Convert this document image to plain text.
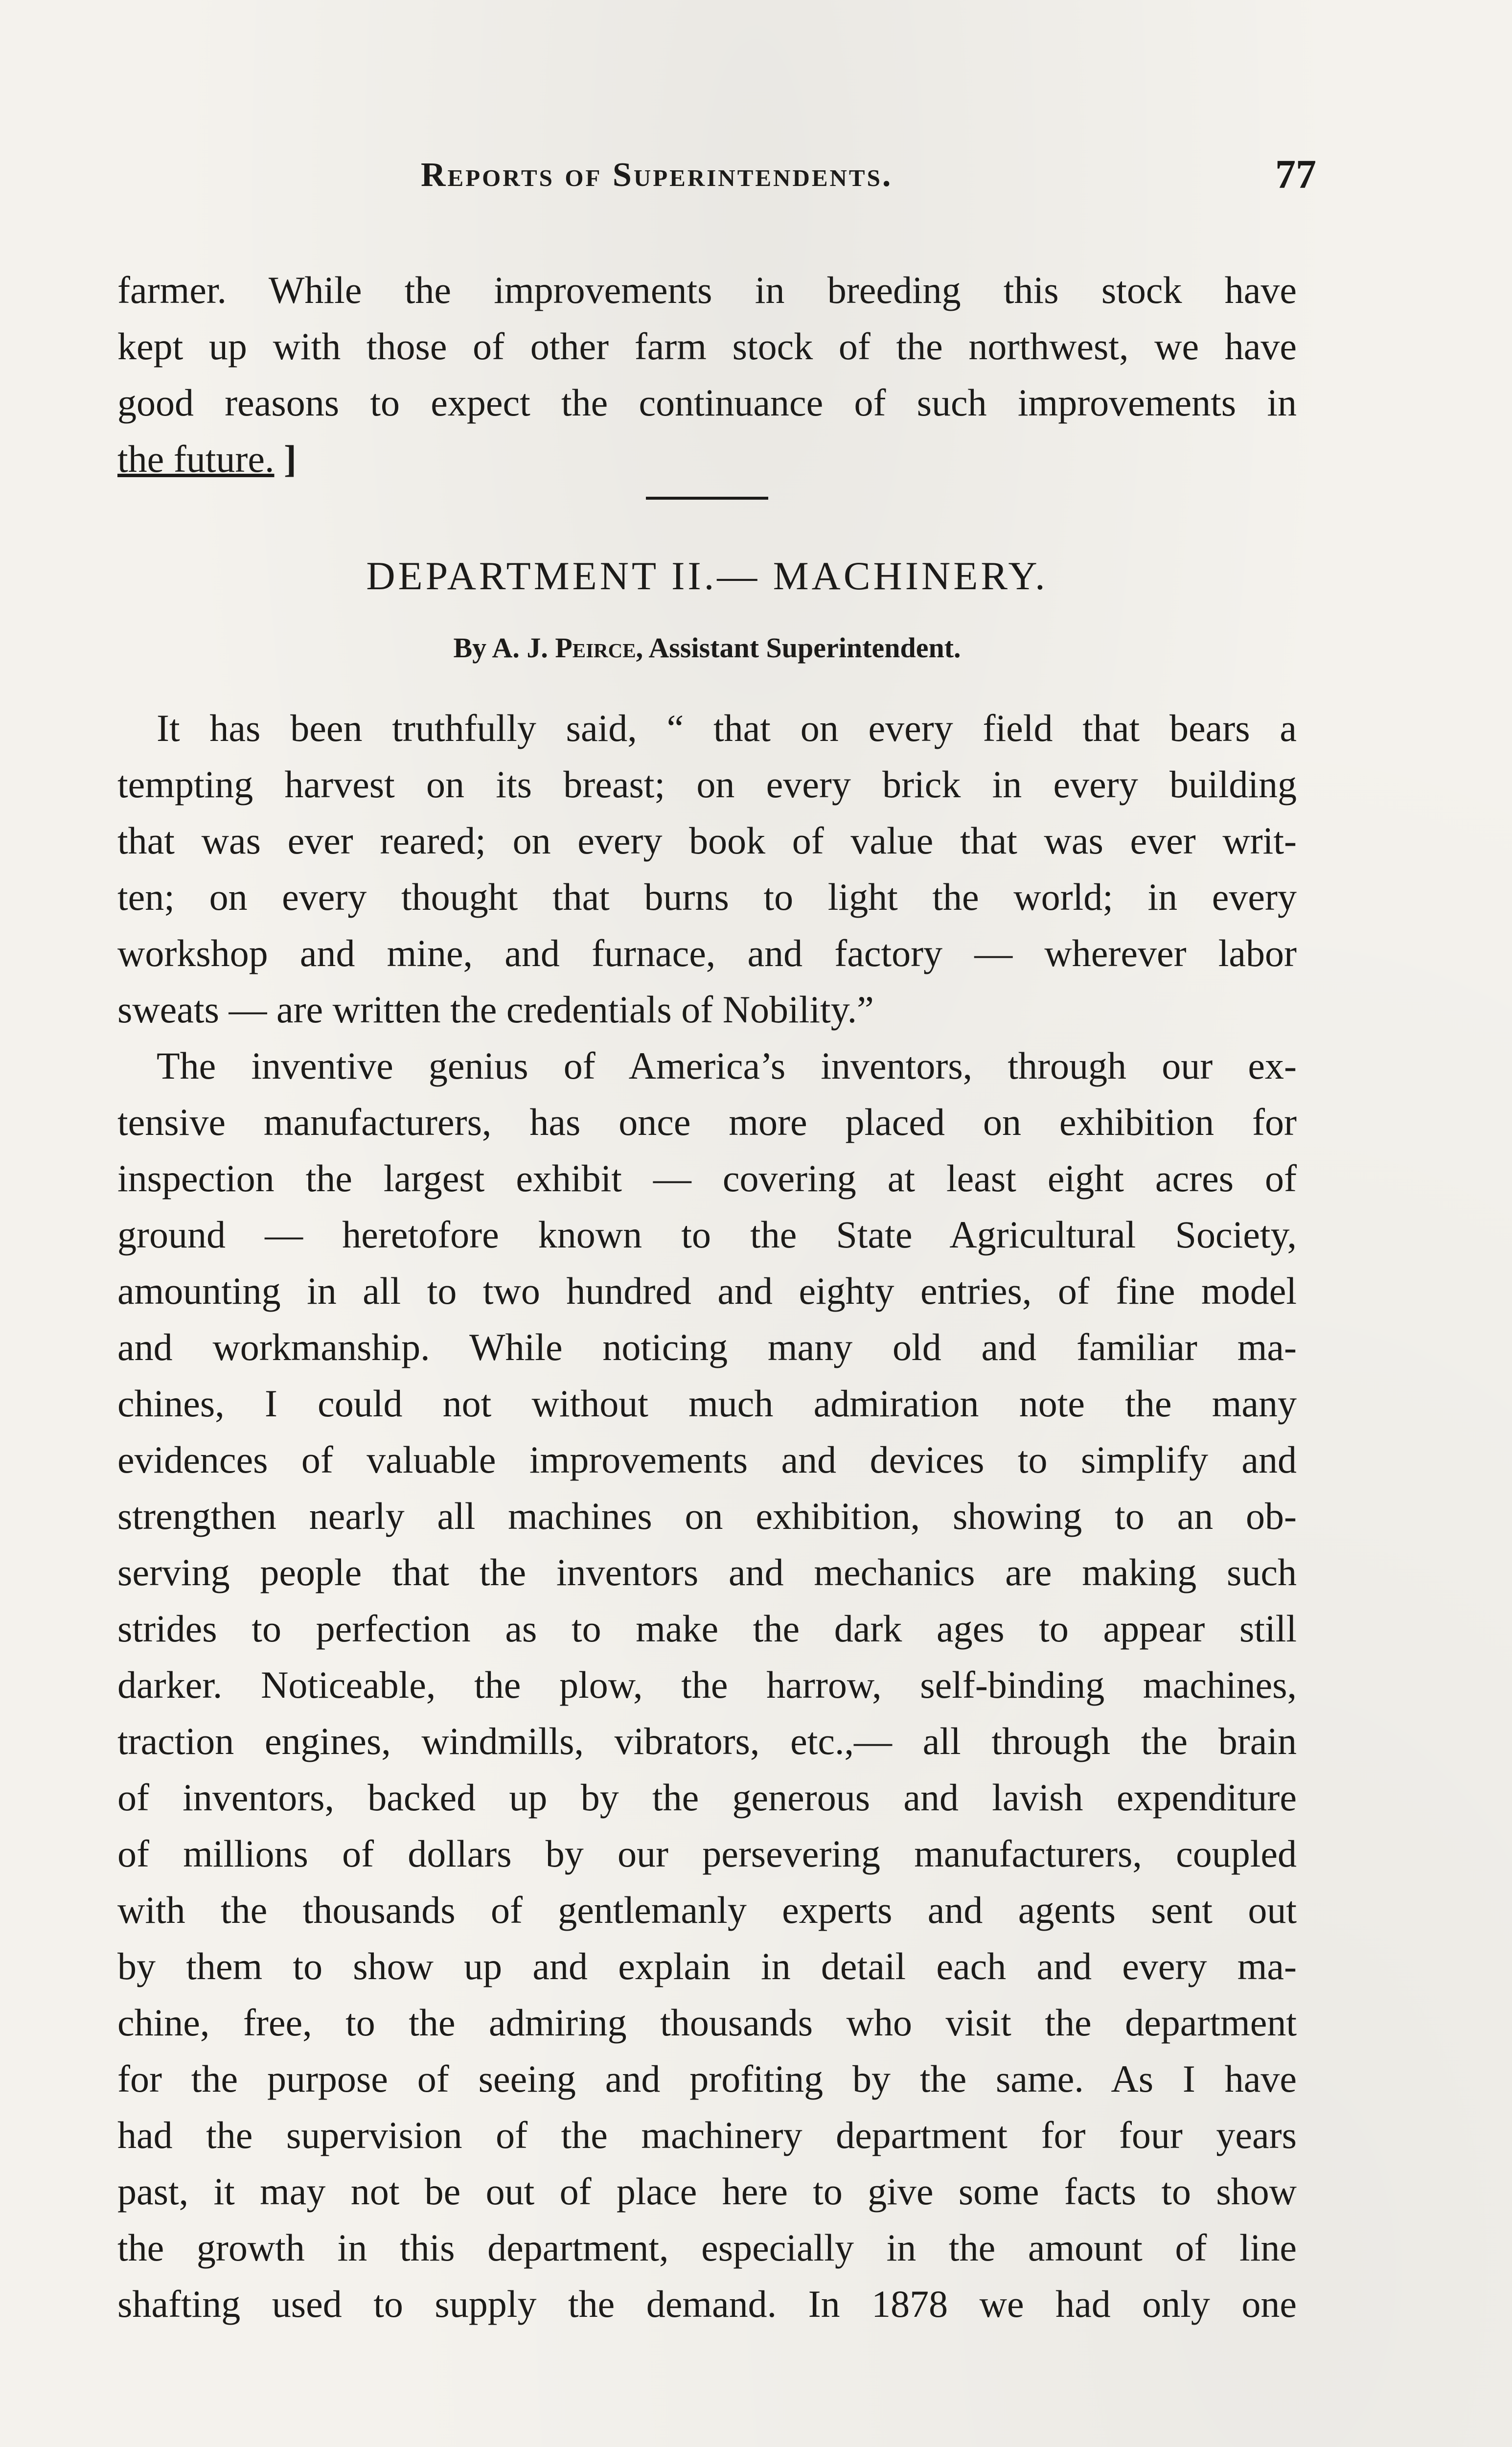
Reports of Superintendents.	77
farmer. While the improvements in breeding this stock have
kept up with those of other farm stock of the northwest, we have
good reasons to expect the continuance of such improvements in
the future. ]
DEPARTMENT II.— MACHINERY.
By A. J. Peirce, Assistant Superintendent.
It has been truthfully said, “ that on every field that bears a
tempting harvest on its breast; on every brick in every building
that was ever reared; on every book of value that was ever writ-
ten; on every thought that burns to light the world; in every
workshop and mine, and furnace, and factory — wherever labor
sweats — are written the credentials of Nobility.”
The inventive genius of America’s inventors, through our ex-
tensive manufacturers, has once more placed on exhibition for
inspection the largest exhibit — covering at least eight acres of
ground — heretofore known to the State Agricultural Society,
amounting in all to two hundred and eighty entries, of fine model
and workmanship. While noticing many old and familiar ma-
chines, I could not without much admiration note the many
evidences of valuable improvements and devices to simplify and
strengthen nearly all machines on exhibition, showing to an ob-
serving people that the inventors and mechanics are making such
strides to perfection as to make the dark ages to appear still
darker. Noticeable, the plow, the harrow, self-binding machines,
traction engines, windmills, vibrators, etc.,— all through the brain
of inventors, backed up by the generous and lavish expenditure
of millions of dollars by our persevering manufacturers, coupled
with the thousands of gentlemanly experts and agents sent out
by them to show up and explain in detail each and every ma-
chine, free, to the admiring thousands who visit the department
for the purpose of seeing and profiting by the same. As I have
had the supervision of the machinery department for four years
past, it may not be out of place here to give some facts to show
the growth in this department, especially in the amount of line
shafting used to supply the demand. In 1878 we had only one
